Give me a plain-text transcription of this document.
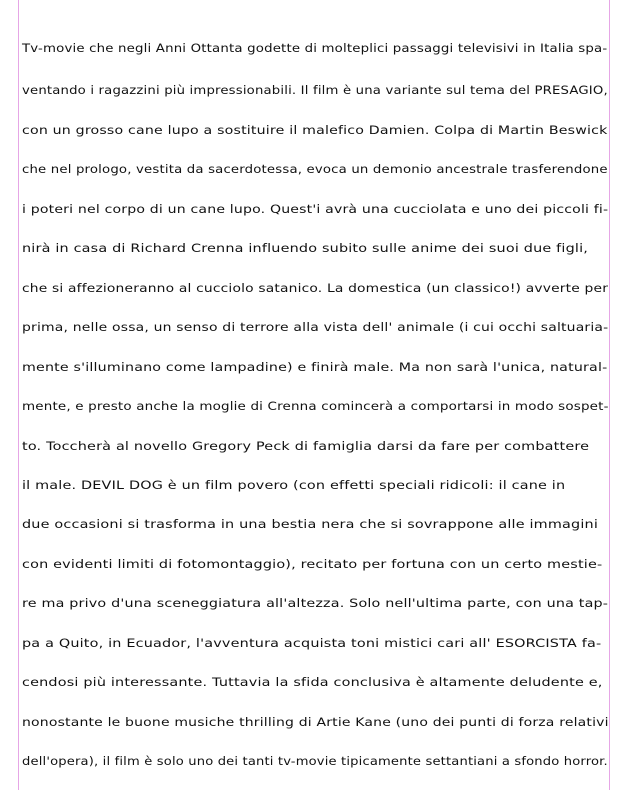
Tv-movie che negli Anni Ottanta godette di molteplici passaggi televisivi in Italia spa-
ventando i ragazzini più impressionabili. Il film è una variante sul tema del PRESAGIO,
con un grosso cane lupo a sostituire il malefico Damien. Colpa di Martin Beswick
che nel prologo, vestita da sacerdotessa, evoca un demonio ancestrale trasferendone
i poteri nel corpo di un cane lupo. Quest'i avrà una cucciolata e uno dei piccoli fi-
nirà in casa di Richard Crenna influendo subito sulle anime dei suoi due figli,
che si affezioneranno al cucciolo satanico. La domestica (un classico!) avverte per
prima, nelle ossa, un senso di terrore alla vista dell' animale (i cui occhi saltuaria-
mente s'illuminano come lampadine) e finirà male. Ma non sarà l'unica, natural-
mente, e presto anche la moglie di Crenna comincerà a comportarsi in modo sospet-
to. Toccherà al novello Gregory Peck di famiglia darsi da fare per combattere
il male. DEVIL DOG è un film povero (con effetti speciali ridicoli: il cane in
due occasioni si trasforma in una bestia nera che si sovrappone alle immagini
con evidenti limiti di fotomontaggio), recitato per fortuna con un certo mestie-
re ma privo d'una sceneggiatura all'altezza. Solo nell'ultima parte, con una tap-
pa a Quito, in Ecuador, l'avventura acquista toni mistici cari all' ESORCISTA fa-
cendosi più interessante. Tuttavia la sfida conclusiva è altamente deludente e,
nonostante le buone musiche thrilling di Artie Kane (uno dei punti di forza relativi
dell'opera), il film è solo uno dei tanti tv-movie tipicamente settantiani a sfondo horror.
